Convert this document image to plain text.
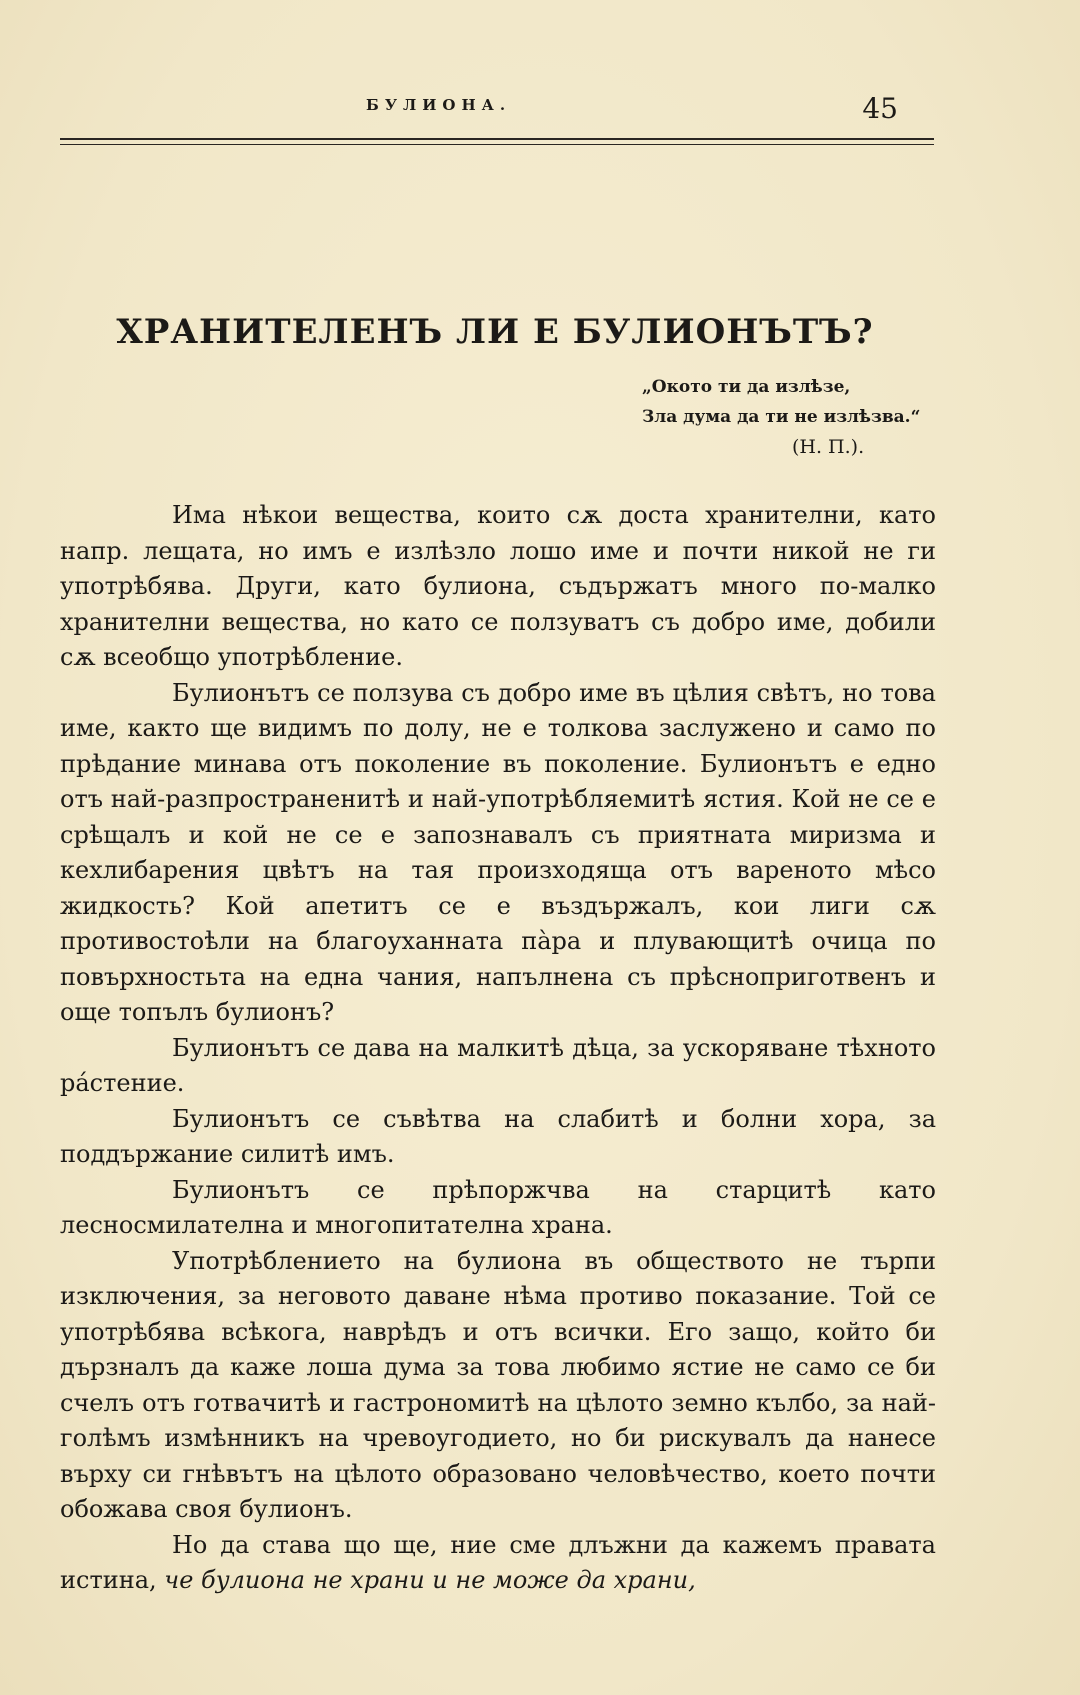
БУЛИОНА.	45
ХРАНИТЕЛЕНЪ ЛИ Е БУЛИОНЪТЪ?
„Окото ти да излѣзе,
Зла дума да ти не излѣзва.“
(Н. П.).

Има нѣкои вещества, които сѫ доста хранителни, като напр. лещата, но имъ е излѣзло лошо име и почти никой не ги употрѣбява. Други, като булиона, съдържатъ много по-малко хранителни вещества, но като се ползуватъ съ добро име, добили сѫ всеобщо употрѣбление.

Булионътъ се ползува съ добро име въ цѣлия свѣтъ, но това име, както ще видимъ по долу, не е толкова заслужено и само по прѣдание минава отъ поколение въ поколение. Булионътъ е едно отъ най-разпространенитѣ и най-употрѣбляемитѣ ястия. Кой не се е срѣщалъ и кой не се е запознавалъ съ приятната миризма и кехлибарения цвѣтъ на тая произходяща отъ вареното мѣсо жидкость? Кой апетитъ се е въздържалъ, кои лиги сѫ противостоѣли на благоуханната пàра и плувающитѣ очица по повърхностьта на една чания, напълнена съ прѣсноприготвенъ и още топълъ булионъ?

Булионътъ се дава на малкитѣ дѣца, за ускоряване тѣхното рáстение.

Булионътъ се съвѣтва на слабитѣ и болни хора, за поддържание силитѣ имъ.

Булионътъ се прѣпоржчва на старцитѣ като лесносмилателна и многопитателна храна.

Употрѣблението на булиона въ обществото не търпи изключения, за неговото даване нѣма противо показание. Той се употрѣбява всѣкога, наврѣдъ и отъ всички. Его защо, който би дързналъ да каже лоша дума за това любимо ястие не само се би счелъ отъ готвачитѣ и гастрономитѣ на цѣлото земно кълбо, за най-голѣмъ измѣнникъ на чревоугодието, но би рискувалъ да нанесе върху си гнѣвътъ на цѣлото образовано человѣчество, което почти обожава своя булионъ.

Но да става що ще, ние сме длъжни да кажемъ правата истина, че булиона не храни и не може да храни,
